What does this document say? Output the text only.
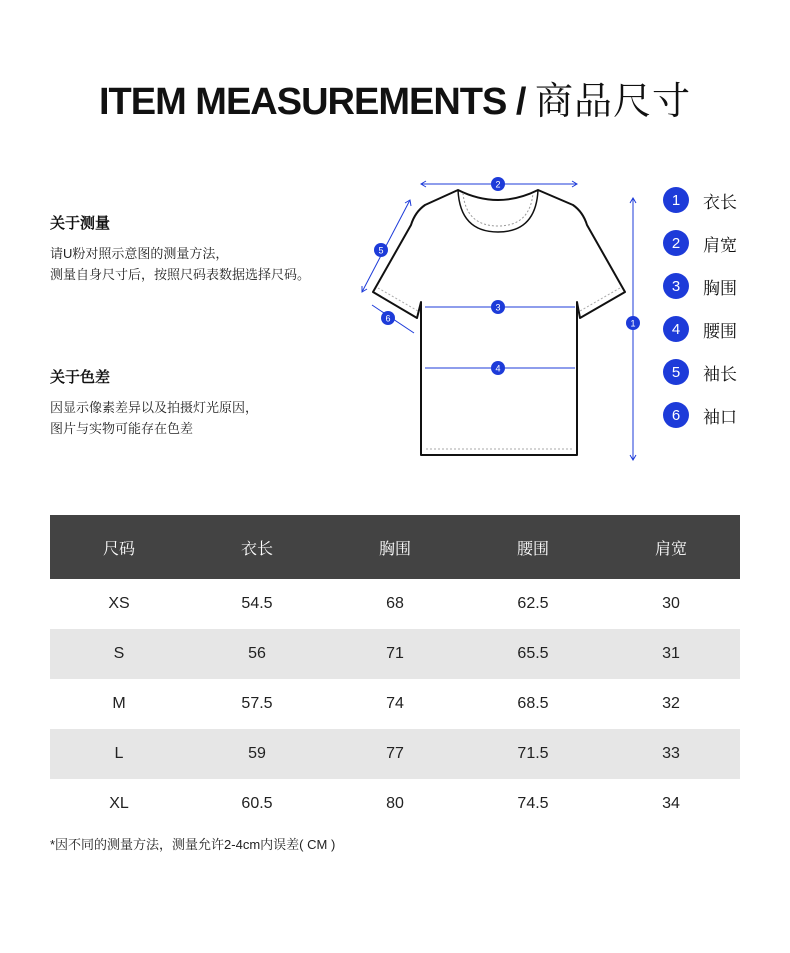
ITEM MEASUREMENTS / 商品尺寸
关于测量

请U粉对照示意图的测量方法，

测量自身尺寸后，按照尺码表数据选择尺码。

关于色差

因显示像素差异以及拍摄灯光原因，

图片与实物可能存在色差

2
3
4
1
5
6
1	衣长
2	肩宽
3	胸围
4	腰围
5	袖长
6	袖口
尺码	衣长	胸围	腰围	肩宽
XS	54.5	68	62.5	30
S	56	71	65.5	31
M	57.5	74	68.5	32
L	59	77	71.5	33
XL	60.5	80	74.5	34
*因不同的测量方法，测量允许2-4cm内误差( CM )
